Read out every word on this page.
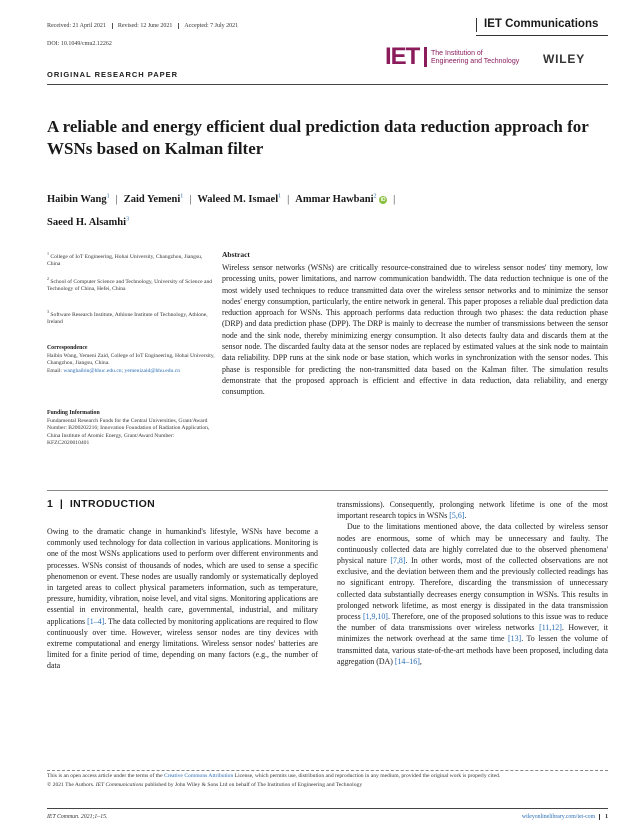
Received: 21 April 2021 Revised: 12 June 2021 Accepted: 7 July 2021
DOI: 10.1049/cmu2.12262
IET Communications
IET The Institution of
Engineering and Technology WILEY
ORIGINAL RESEARCH PAPER
A reliable and energy efficient dual prediction data reduction approach for WSNs based on Kalman filter
Haibin Wang$^1$ | Zaid Yemeni$^1$ | Waleed M. Ismael$^1$ | Ammar Hawbani$^2$ iD |
Saeed H. Alsamhi$^3$
$^1$ College of IoT Engineering, Hohai University, Changzhou, Jiangsu, China
$^2$ School of Computer Science and Technology, University of Science and Technology of China, Hefei, China
$^3$ Software Research Institute, Athlone Institute of Technology, Athlone, Ireland
Correspondence
Haibin Wang, Yemeni Zaid, College of IoT Engineering, Hohai University, Changzhou, Jiangsu, China.
Email: wanghaibin@hhuc.edu.cn; yemenizaid@hhu.edu.cn
Funding Information
Fundamental Research Funds for the Central Universities, Grant/Award Number: B200202216; Innovation Foundation of Radiation Application, China Institute of Atomic Energy, Grant/Award Number: KFZC2020010401
Abstract

Wireless sensor networks (WSNs) are critically resource-constrained due to wireless sensor nodes' tiny memory, low processing units, power limitations, and narrow communication bandwidth. The data reduction technique is one of the most widely used techniques to reduce transmitted data over the wireless sensor networks and to minimize the sensor nodes' energy consumption, particularly, the entire network in general. This paper proposes a reliable dual prediction data reduction approach for WSNs. This approach performs data reduction through two phases: the data reduction phase (DRP) and data prediction phase (DPP). The DRP is mainly to decrease the number of transmissions between the sensor node and the sink node, thereby minimizing energy consumption. It also detects faulty data and discards them at the sensor node. The discarded faulty data at the sensor nodes are replaced by estimated values at the sink node to maintain data reliability. DPP runs at the sink node or base station, which works in synchronization with the sensor nodes. This phase is responsible for predicting the non-transmitted data based on the Kalman filter. The simulation results demonstrate that the proposed approach is efficient and effective in data reduction, data reliability, and energy consumption.

1  |  INTRODUCTION

Owing to the dramatic change in humankind's lifestyle, WSNs have become a commonly used technology for data collection in various applications. Monitoring is one of the most WSNs applications used to perform over different environments and processes. WSNs consist of thousands of nodes, which are used to sense a specific phenomenon or event. These nodes are usually randomly or systematically deployed in targeted areas to collect physical parameters information, such as temperature, pressure, humidity, vibration, noise level, and vital signs. Monitoring applications are essential in environmental, health care, governmental, industrial, and military applications [1–4]. The data collected by monitoring applications are required to flow continuously over time. However, wireless sensor nodes are tiny devices with extreme computational and energy limitations. Wireless sensor nodes' batteries are limited for a finite period of time, depending on many factors (e.g., the number of data

transmissions). Consequently, prolonging network lifetime is one of the most important research topics in WSNs [5,6].

Due to the limitations mentioned above, the data collected by wireless sensor nodes are enormous, some of which may be unnecessary and faulty. The continuously collected data are highly correlated due to the observed phenomena' physical nature [7,8]. In other words, most of the collected observations are not exclusive, and the deviation between them and the previously collected readings has no significant entropy. Therefore, discarding the transmission of unnecessary collected data substantially decreases energy consumption in WSNs. This results in prolonged network lifetime, as most energy is dissipated in the data transmission process [1,9,10]. Therefore, one of the proposed solutions to this issue was to reduce the number of data transmissions over wireless networks [11,12]. However, it minimizes the network overhead at the same time [13]. To lessen the volume of transmitted data, various state-of-the-art methods have been proposed, including data aggregation (DA) [14–16],

This is an open access article under the terms of the Creative Commons Attribution License, which permits use, distribution and reproduction in any medium, provided the original work is properly cited.
© 2021 The Authors. IET Communications published by John Wiley & Sons Ltd on behalf of The Institution of Engineering and Technology
IET Commun. 2021;1–15.	wileyonlinelibrary.com/iet-com 1
